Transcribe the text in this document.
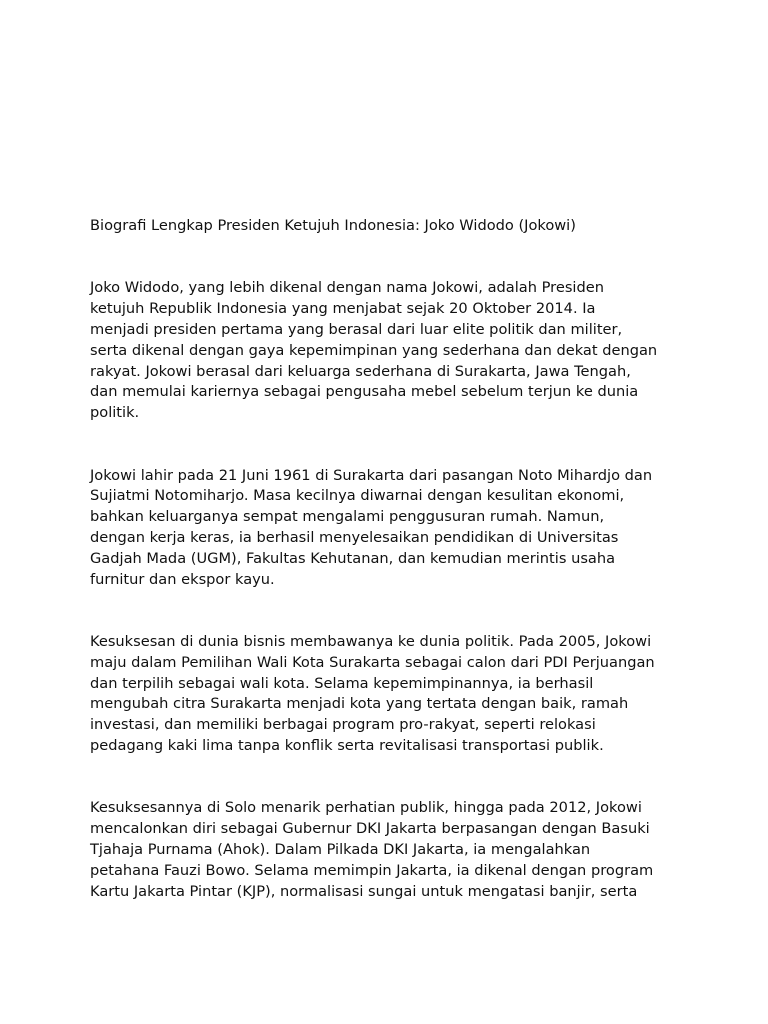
Biografi Lengkap Presiden Ketujuh Indonesia: Joko Widodo (Jokowi)

Joko Widodo, yang lebih dikenal dengan nama Jokowi, adalah Presiden
ketujuh Republik Indonesia yang menjabat sejak 20 Oktober 2014. Ia
menjadi presiden pertama yang berasal dari luar elite politik dan militer,
serta dikenal dengan gaya kepemimpinan yang sederhana dan dekat dengan
rakyat. Jokowi berasal dari keluarga sederhana di Surakarta, Jawa Tengah,
dan memulai kariernya sebagai pengusaha mebel sebelum terjun ke dunia
politik.

Jokowi lahir pada 21 Juni 1961 di Surakarta dari pasangan Noto Mihardjo dan
Sujiatmi Notomiharjo. Masa kecilnya diwarnai dengan kesulitan ekonomi,
bahkan keluarganya sempat mengalami penggusuran rumah. Namun,
dengan kerja keras, ia berhasil menyelesaikan pendidikan di Universitas
Gadjah Mada (UGM), Fakultas Kehutanan, dan kemudian merintis usaha
furnitur dan ekspor kayu.

Kesuksesan di dunia bisnis membawanya ke dunia politik. Pada 2005, Jokowi
maju dalam Pemilihan Wali Kota Surakarta sebagai calon dari PDI Perjuangan
dan terpilih sebagai wali kota. Selama kepemimpinannya, ia berhasil
mengubah citra Surakarta menjadi kota yang tertata dengan baik, ramah
investasi, dan memiliki berbagai program pro-rakyat, seperti relokasi
pedagang kaki lima tanpa konflik serta revitalisasi transportasi publik.

Kesuksesannya di Solo menarik perhatian publik, hingga pada 2012, Jokowi
mencalonkan diri sebagai Gubernur DKI Jakarta berpasangan dengan Basuki
Tjahaja Purnama (Ahok). Dalam Pilkada DKI Jakarta, ia mengalahkan
petahana Fauzi Bowo. Selama memimpin Jakarta, ia dikenal dengan program
Kartu Jakarta Pintar (KJP), normalisasi sungai untuk mengatasi banjir, serta
